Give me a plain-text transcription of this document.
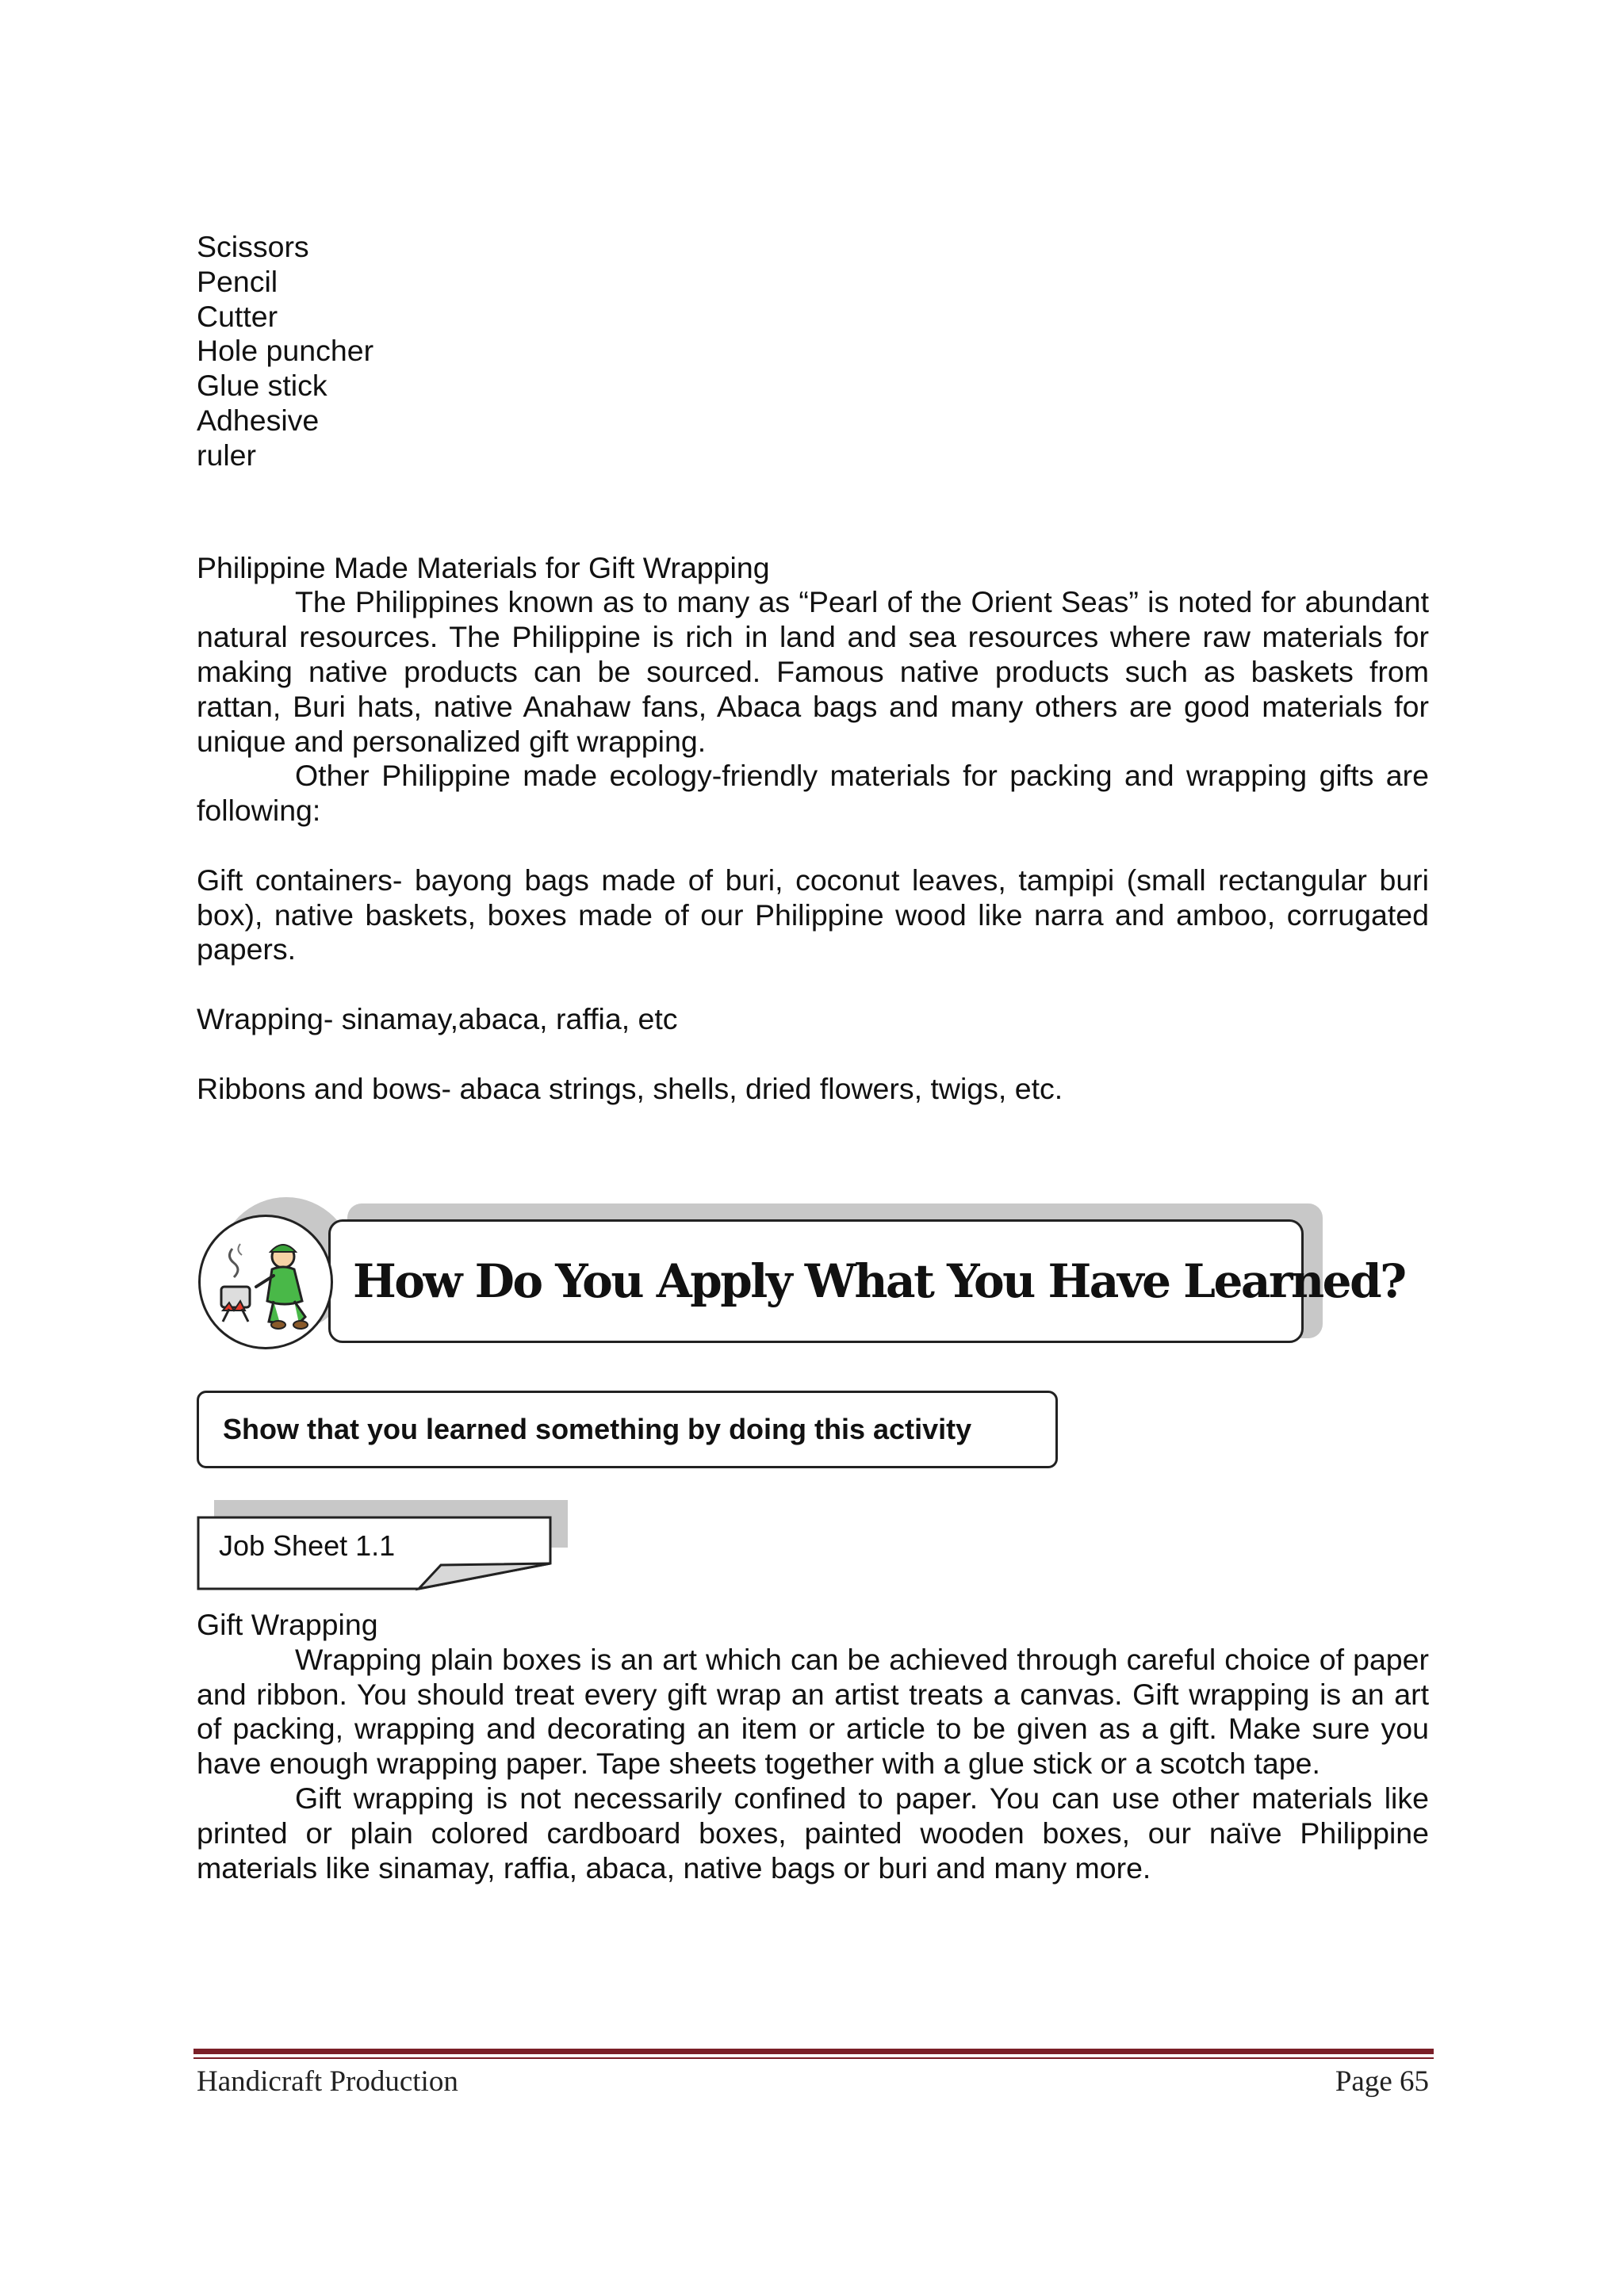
Scissors
Pencil
Cutter
Hole puncher
Glue stick
Adhesive
ruler
Philippine Made Materials for Gift Wrapping

The Philippines known as to many as “Pearl of the Orient Seas” is noted for abundant natural resources. The Philippine is rich in land and sea resources where raw materials for making native products can be sourced. Famous native products such as baskets from rattan, Buri hats, native Anahaw fans, Abaca bags and many others are good materials for unique and personalized gift wrapping.

Other Philippine made ecology-friendly materials for packing and wrapping gifts are following:

Gift containers- bayong bags made of buri, coconut leaves, tampipi (small rectangular buri box), native baskets, boxes made of our Philippine wood like narra and amboo, corrugated papers.

Wrapping- sinamay,abaca, raffia, etc

Ribbons and bows- abaca strings, shells, dried flowers, twigs, etc.

How Do You Apply What You Have Learned?
Show that you learned something by doing this activity
Job Sheet 1.1
Gift Wrapping

Wrapping plain boxes is an art which can be achieved through careful choice of paper and ribbon. You should treat every gift wrap an artist treats a canvas. Gift wrapping is an art of packing, wrapping and decorating an item or article to be given as a gift. Make sure you have enough wrapping paper. Tape sheets together with a glue stick or a scotch tape.

Gift wrapping is not necessarily confined to paper. You can use other materials like printed or plain colored cardboard boxes, painted wooden boxes, our naïve Philippine materials like sinamay, raffia, abaca, native bags or buri and many more.

Handicraft Production	Page 65
